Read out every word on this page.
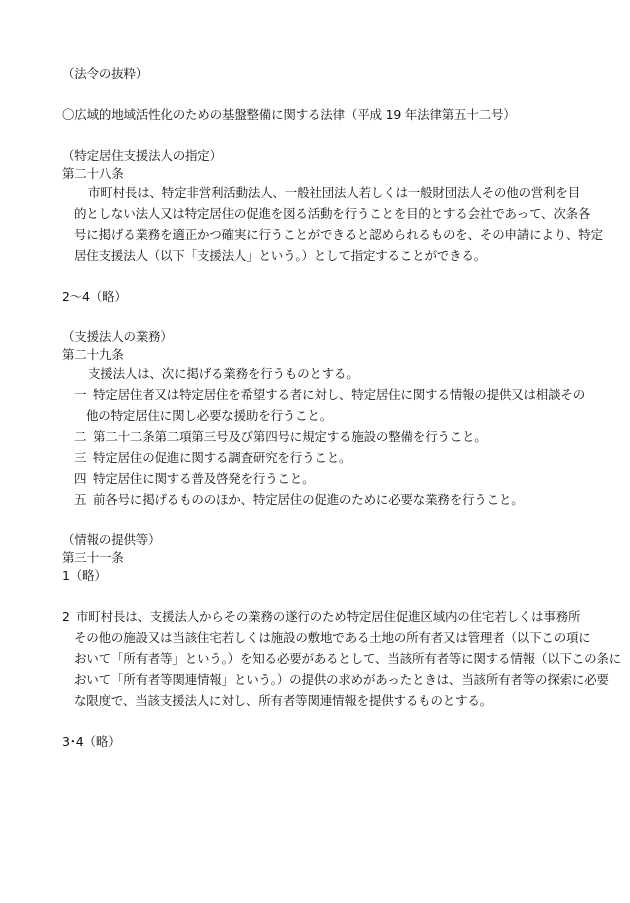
（法令の抜粋）
〇広域的地域活性化のための基盤整備に関する法律（平成 19 年法律第五十二号）
（特定居住支援法人の指定）
第二十八条
市町村長は、特定非営利活動法人、一般社団法人若しくは一般財団法人その他の営利を目
的としない法人又は特定居住の促進を図る活動を行うことを目的とする会社であって、次条各
号に掲げる業務を適正かつ確実に行うことができると認められるものを、その申請により、特定
居住支援法人（以下「支援法人」という。）として指定することができる。
2～4（略）
（支援法人の業務）
第二十九条
支援法人は、次に掲げる業務を行うものとする。
一 特定居住者又は特定居住を希望する者に対し、特定居住に関する情報の提供又は相談その
他の特定居住に関し必要な援助を行うこと。
二 第二十二条第二項第三号及び第四号に規定する施設の整備を行うこと。
三 特定居住の促進に関する調査研究を行うこと。
四 特定居住に関する普及啓発を行うこと。
五 前各号に掲げるもののほか、特定居住の促進のために必要な業務を行うこと。
（情報の提供等）
第三十一条
1（略）
2 市町村長は、支援法人からその業務の遂行のため特定居住促進区域内の住宅若しくは事務所
その他の施設又は当該住宅若しくは施設の敷地である土地の所有者又は管理者（以下この項に
おいて「所有者等」という。）を知る必要があるとして、当該所有者等に関する情報（以下この条に
おいて「所有者等関連情報」という。）の提供の求めがあったときは、当該所有者等の探索に必要
な限度で、当該支援法人に対し、所有者等関連情報を提供するものとする。
3･4（略）
